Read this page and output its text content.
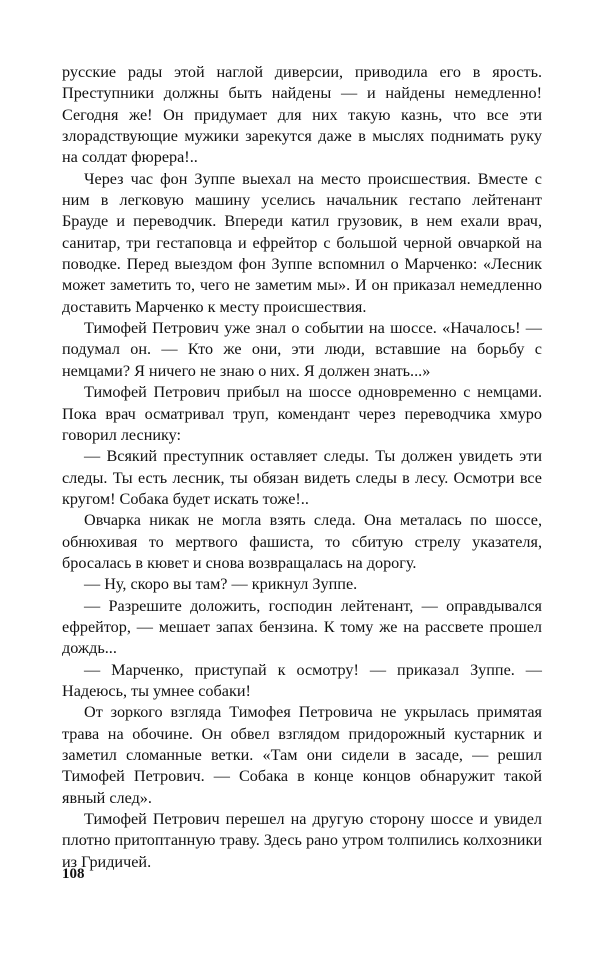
русские рады этой наглой диверсии, приводила его в ярость. Преступники должны быть найдены — и найдены немедленно! Сегодня же! Он придумает для них такую казнь, что все эти злорадствующие мужики зарекутся даже в мыслях поднимать руку на солдат фюрера!..

Через час фон Зуппе выехал на место происшествия. Вместе с ним в легковую машину уселись начальник гестапо лейтенант Брауде и переводчик. Впереди катил грузовик, в нем ехали врач, санитар, три гестаповца и ефрейтор с большой черной овчаркой на поводке. Перед выездом фон Зуппе вспомнил о Марченко: «Лесник может заметить то, чего не заметим мы». И он приказал немедленно доставить Марченко к месту происшествия.

Тимофей Петрович уже знал о событии на шоссе. «Началось! — подумал он. — Кто же они, эти люди, вставшие на борьбу с немцами? Я ничего не знаю о них. Я должен знать...»

Тимофей Петрович прибыл на шоссе одновременно с немцами. Пока врач осматривал труп, комендант через переводчика хмуро говорил леснику:

— Всякий преступник оставляет следы. Ты должен увидеть эти следы. Ты есть лесник, ты обязан видеть следы в лесу. Осмотри все кругом! Собака будет искать тоже!..

Овчарка никак не могла взять следа. Она металась по шоссе, обнюхивая то мертвого фашиста, то сбитую стрелу указателя, бросалась в кювет и снова возвращалась на дорогу.

— Ну, скоро вы там? — крикнул Зуппе.

— Разрешите доложить, господин лейтенант, — оправдывался ефрейтор, — мешает запах бензина. К тому же на рассвете прошел дождь...

— Марченко, приступай к осмотру! — приказал Зуппе. — Надеюсь, ты умнее собаки!

От зоркого взгляда Тимофея Петровича не укрылась примятая трава на обочине. Он обвел взглядом придорожный кустарник и заметил сломанные ветки. «Там они сидели в засаде, — решил Тимофей Петрович. — Собака в конце концов обнаружит такой явный след».

Тимофей Петрович перешел на другую сторону шоссе и увидел плотно притоптанную траву. Здесь рано утром толпились колхозники из Гридичей.

108
